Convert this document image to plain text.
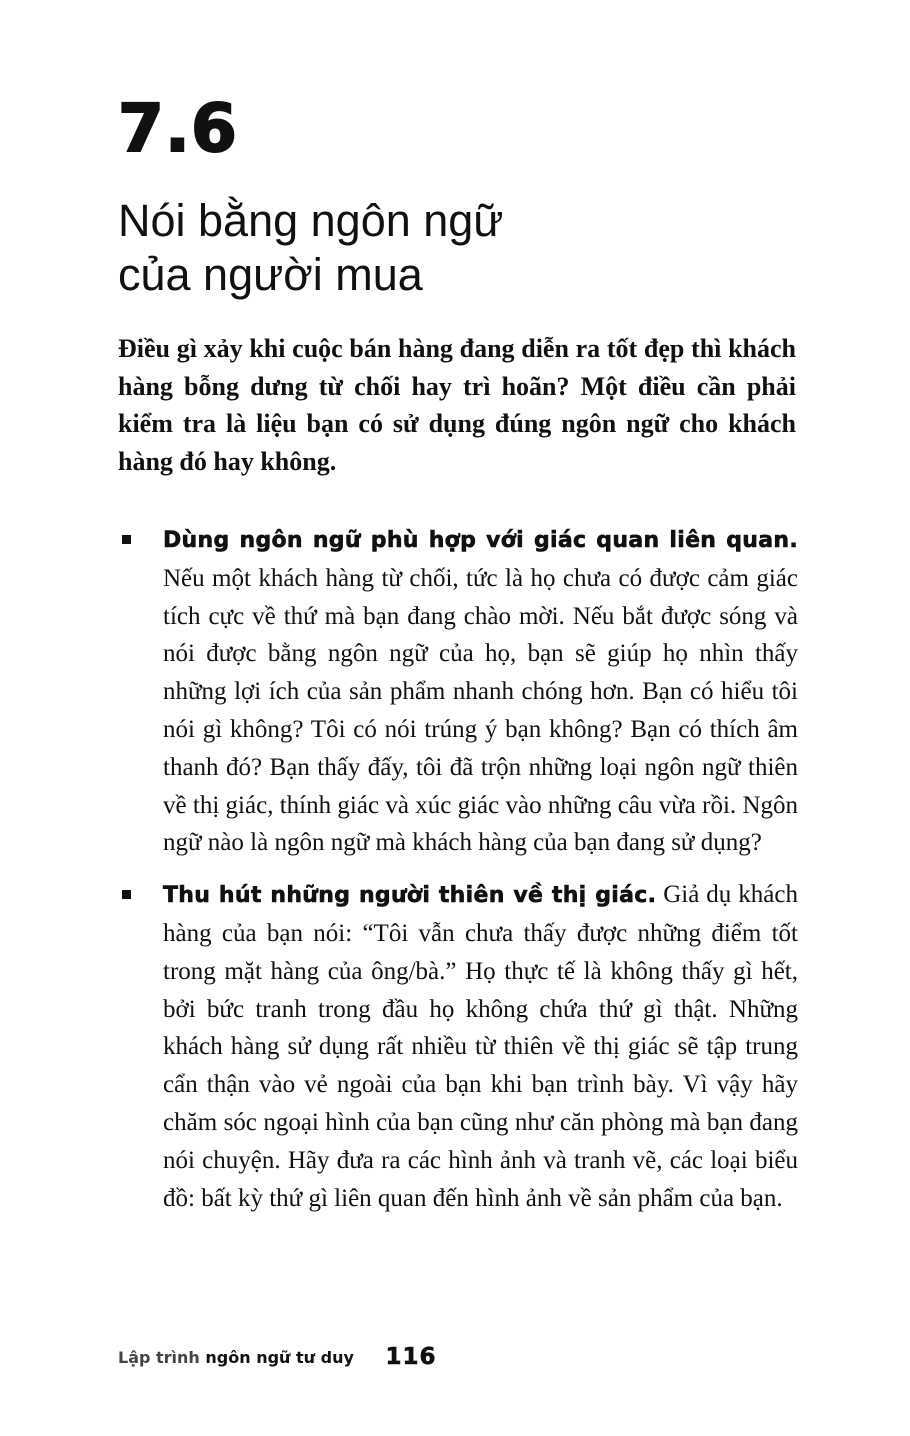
7.6
Nói bằng ngôn ngữ
của người mua

Điều gì xảy khi cuộc bán hàng đang diễn ra tốt đẹp thì khách hàng bỗng dưng từ chối hay trì hoãn? Một điều cần phải kiểm tra là liệu bạn có sử dụng đúng ngôn ngữ cho khách hàng đó hay không.

Dùng ngôn ngữ phù hợp với giác quan liên quan. Nếu một khách hàng từ chối, tức là họ chưa có được cảm giác tích cực về thứ mà bạn đang chào mời. Nếu bắt được sóng và nói được bằng ngôn ngữ của họ, bạn sẽ giúp họ nhìn thấy những lợi ích của sản phẩm nhanh chóng hơn. Bạn có hiểu tôi nói gì không? Tôi có nói trúng ý bạn không? Bạn có thích âm thanh đó? Bạn thấy đấy, tôi đã trộn những loại ngôn ngữ thiên về thị giác, thính giác và xúc giác vào những câu vừa rồi. Ngôn ngữ nào là ngôn ngữ mà khách hàng của bạn đang sử dụng?
Thu hút những người thiên về thị giác. Giả dụ khách hàng của bạn nói: “Tôi vẫn chưa thấy được những điểm tốt trong mặt hàng của ông/bà.” Họ thực tế là không thấy gì hết, bởi bức tranh trong đầu họ không chứa thứ gì thật. Những khách hàng sử dụng rất nhiều từ thiên về thị giác sẽ tập trung cẩn thận vào vẻ ngoài của bạn khi bạn trình bày. Vì vậy hãy chăm sóc ngoại hình của bạn cũng như căn phòng mà bạn đang nói chuyện. Hãy đưa ra các hình ảnh và tranh vẽ, các loại biểu đồ: bất kỳ thứ gì liên quan đến hình ảnh về sản phẩm của bạn.
Lập trình ngôn ngữ tư duy 116
